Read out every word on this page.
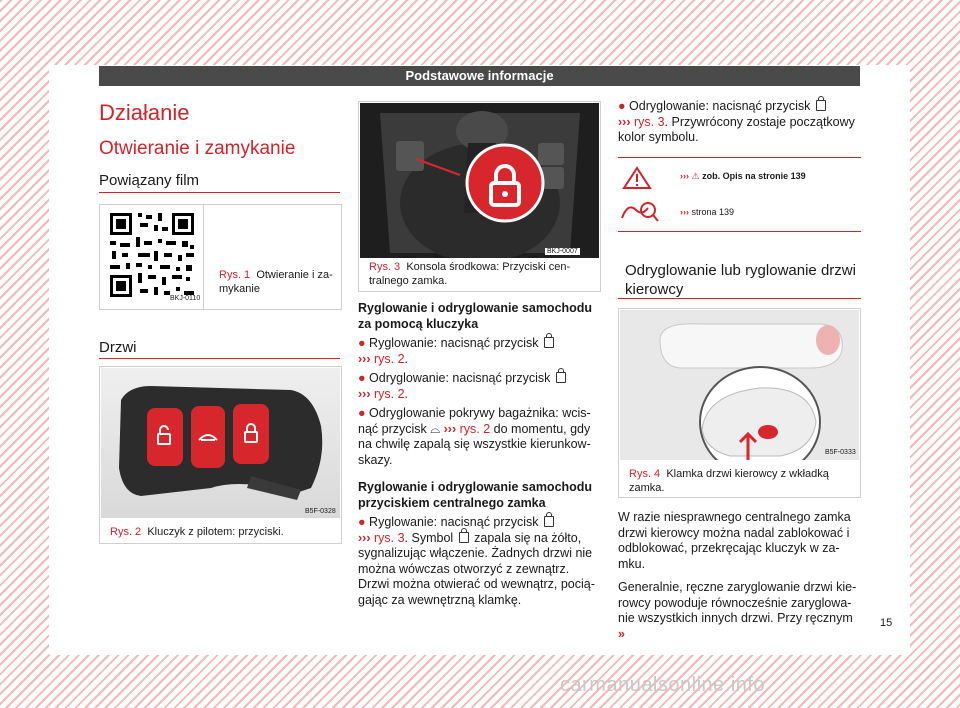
Podstawowe informacje
Działanie
Otwieranie i zamykanie
Powiązany film
BKJ-0110
Rys. 1 Otwieranie i za-mykanie
Drzwi
B5F-0328
Rys. 2 Kluczyk z pilotem: przyciski.
BKJ-0007
Rys. 3 Konsola środkowa: Przyciski cen-tralnego zamka.
Ryglowanie i odryglowanie samochodu za pomocą kluczyka
● Ryglowanie: nacisnąć przycisk
››› rys. 2.
● Odryglowanie: nacisnąć przycisk
››› rys. 2.
● Odryglowanie pokrywy bagażnika: wcis-nąć przycisk ⌓ ››› rys. 2 do momentu, gdy na chwilę zapalą się wszystkie kierunkow-skazy.
Ryglowanie i odryglowanie samochodu przyciskiem centralnego zamka
● Ryglowanie: nacisnąć przycisk
››› rys. 3. Symbol zapala się na żółto, sygnalizując włączenie. Żadnych drzwi nie można wówczas otworzyć z zewnątrz. Drzwi można otwierać od wewnątrz, pocią-gając za wewnętrzną klamkę.
● Odryglowanie: nacisnąć przycisk
››› rys. 3. Przywrócony zostaje początkowy kolor symbolu.
››› ⚠ zob. Opis na stronie 139
››› strona 139
Odryglowanie lub ryglowanie drzwi kierowcy
B5F-0333
Rys. 4 Klamka drzwi kierowcy z wkładką zamka.
W razie niesprawnego centralnego zamka drzwi kierowcy można nadal zablokować i odblokować, przekręcając kluczyk w za-mku.
Generalnie, ręczne zaryglowanie drzwi kie-rowcy powoduje równocześnie zaryglowa-nie wszystkich innych drzwi. Przy ręcznym »
15
carmanualsonline.info
